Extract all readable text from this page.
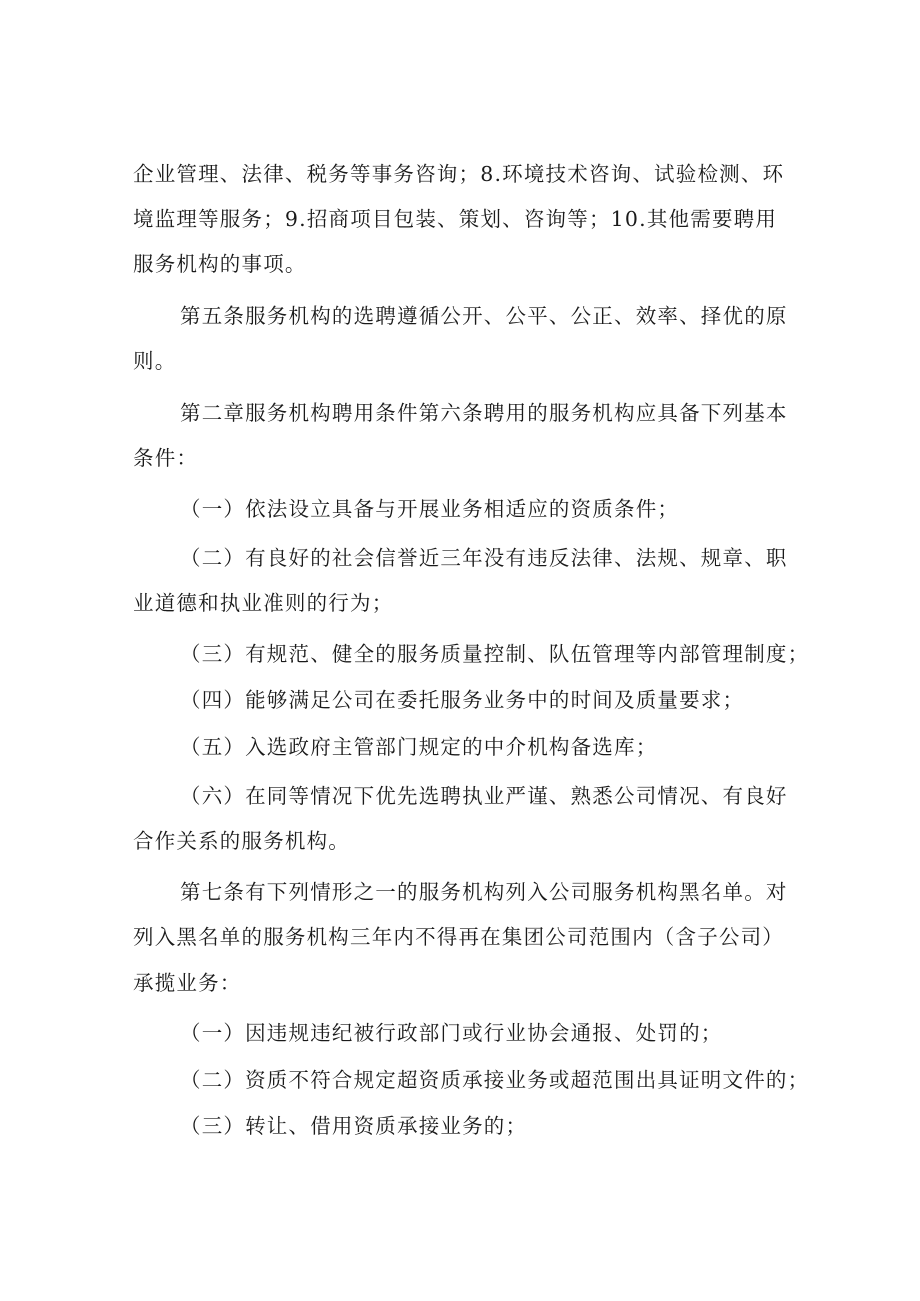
企业管理、法律、税务等事务咨询；8.环境技术咨询、试验检测、环
境监理等服务；9.招商项目包装、策划、咨询等；10.其他需要聘用
服务机构的事项。
第五条服务机构的选聘遵循公开、公平、公正、效率、择优的原
则。
第二章服务机构聘用条件第六条聘用的服务机构应具备下列基本
条件：
（一）依法设立具备与开展业务相适应的资质条件；
（二）有良好的社会信誉近三年没有违反法律、法规、规章、职
业道德和执业准则的行为；
（三）有规范、健全的服务质量控制、队伍管理等内部管理制度；
（四）能够满足公司在委托服务业务中的时间及质量要求；
（五）入选政府主管部门规定的中介机构备选库；
（六）在同等情况下优先选聘执业严谨、熟悉公司情况、有良好
合作关系的服务机构。
第七条有下列情形之一的服务机构列入公司服务机构黑名单。对
列入黑名单的服务机构三年内不得再在集团公司范围内（含子公司）
承揽业务：
（一）因违规违纪被行政部门或行业协会通报、处罚的；
（二）资质不符合规定超资质承接业务或超范围出具证明文件的；
（三）转让、借用资质承接业务的；
